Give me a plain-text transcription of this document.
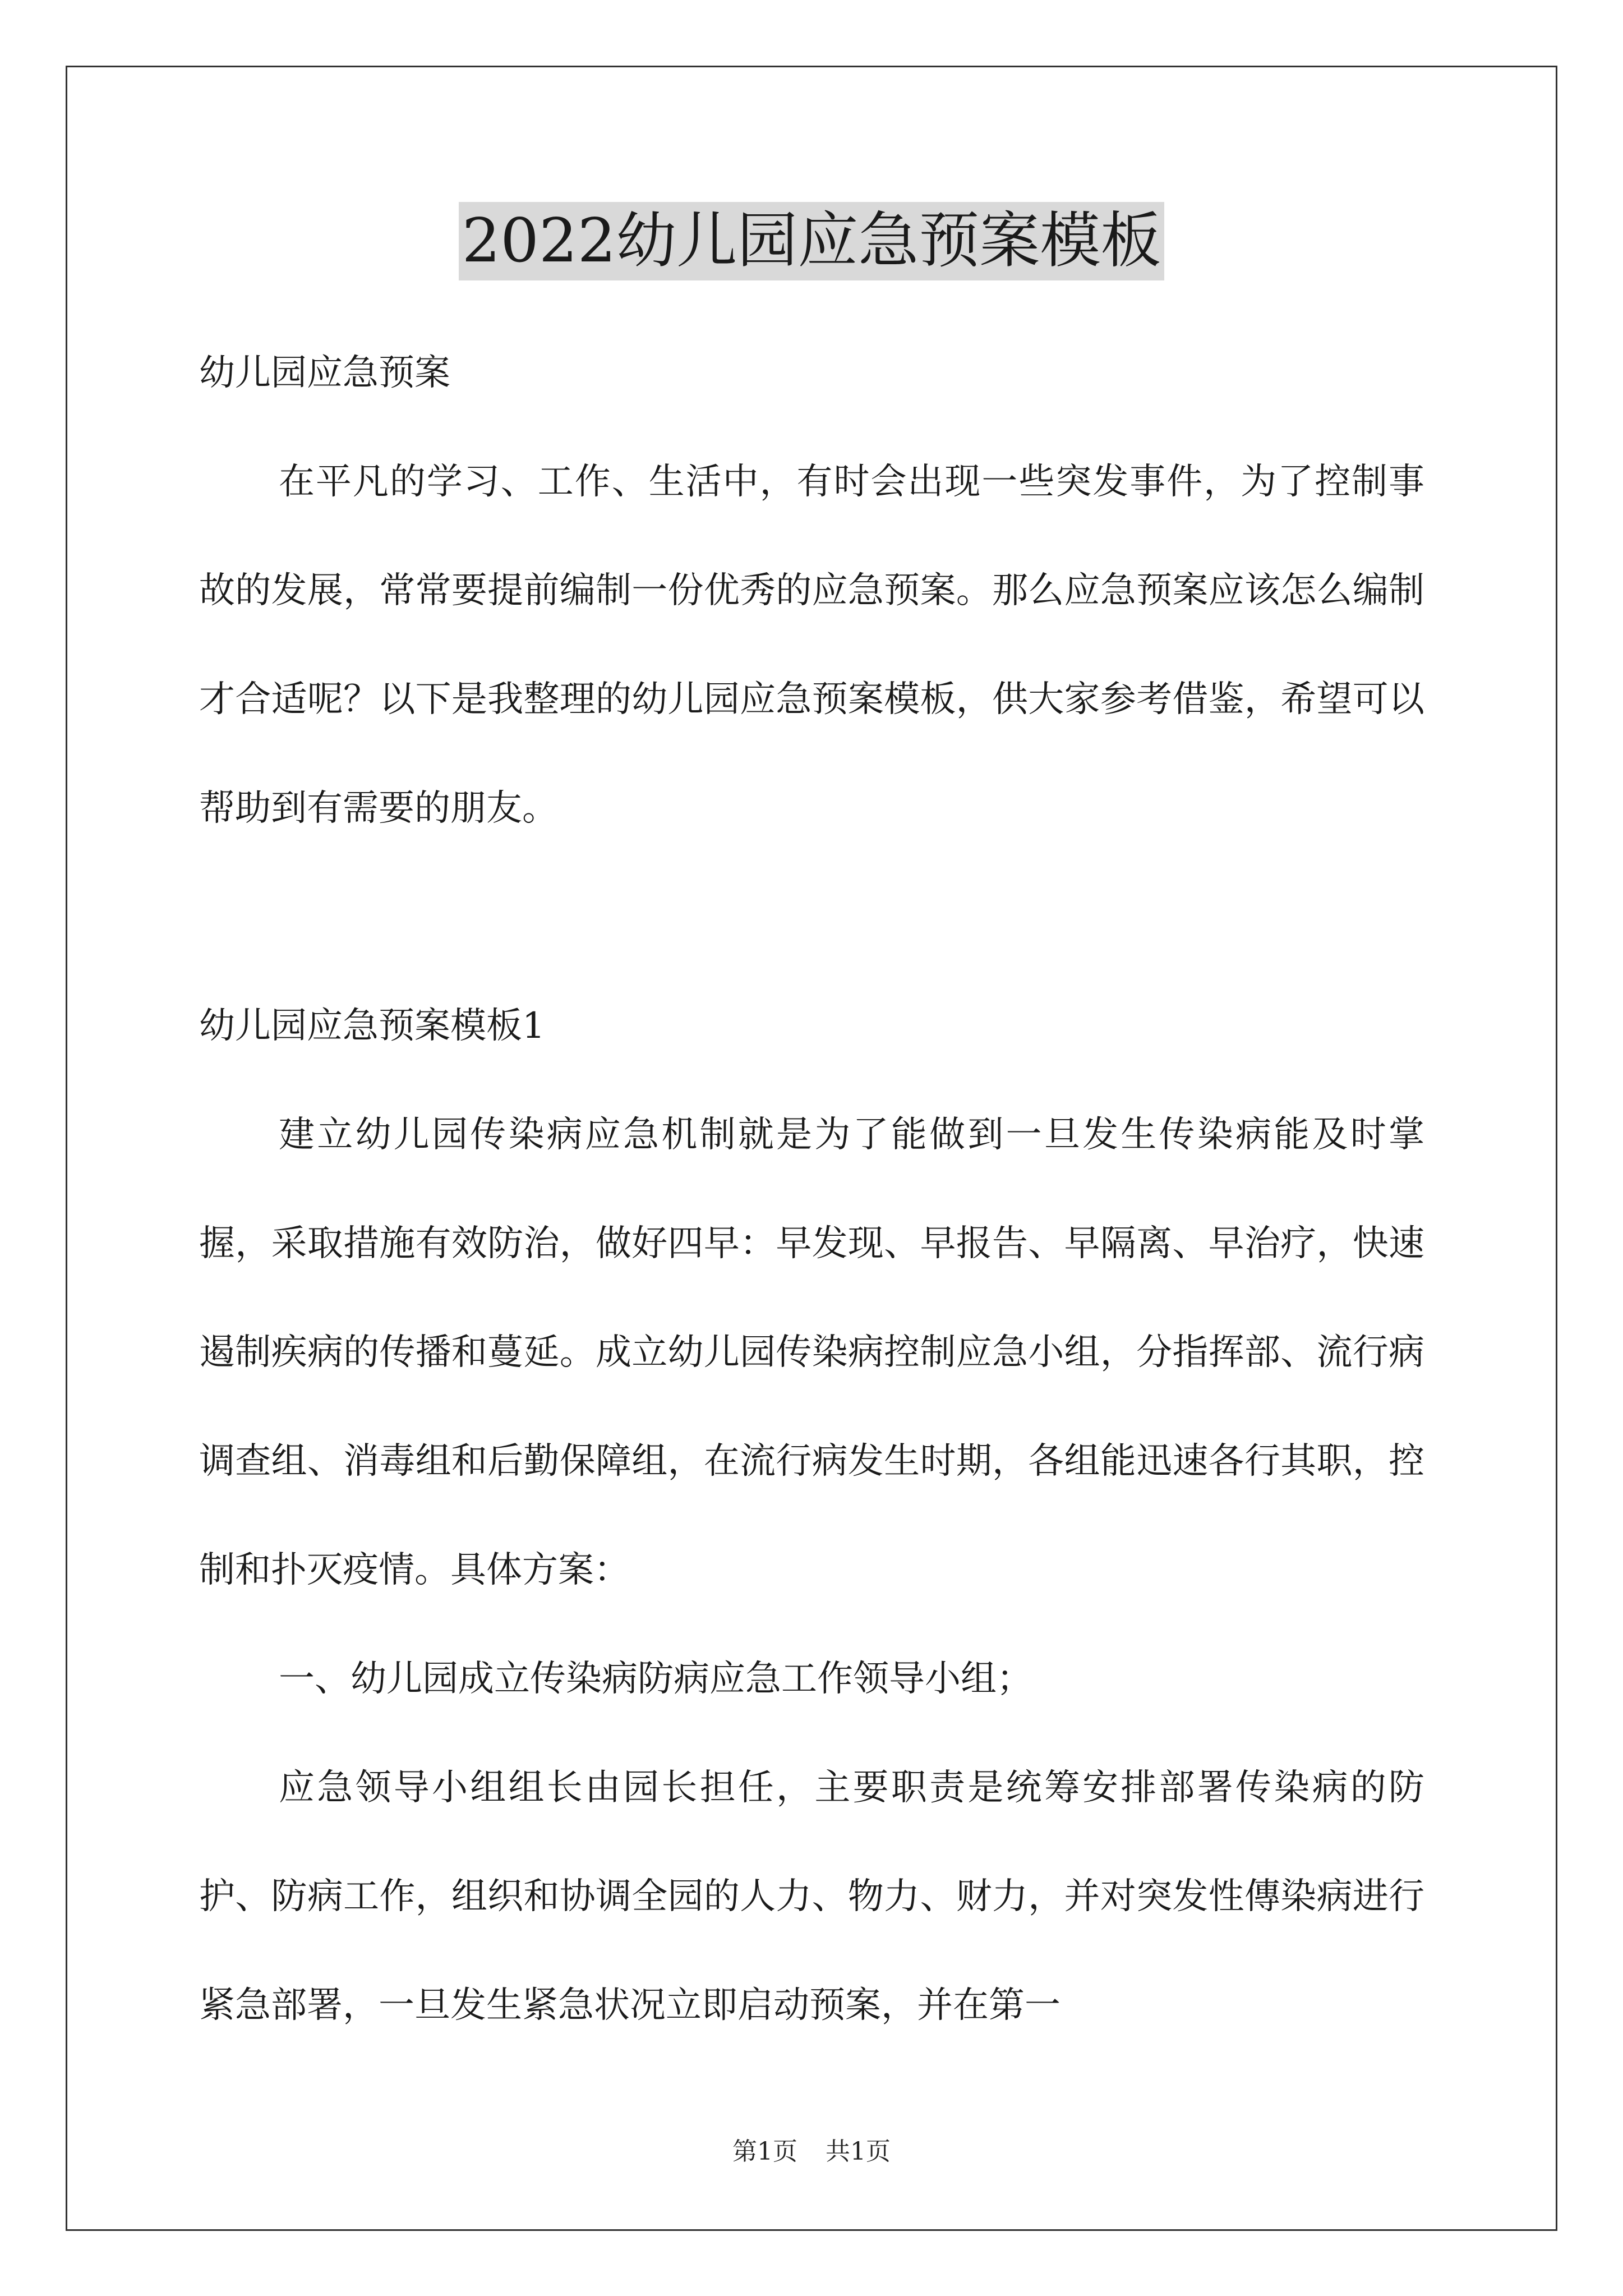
2022幼儿园应急预案模板

幼儿园应急预案

在平凡的学习、工作、生活中，有时会出现一些突发事件，为了控制事故的发展，常常要提前编制一份优秀的应急预案。那么应急预案应该怎么编制才合适呢？以下是我整理的幼儿园应急预案模板，供大家参考借鉴，希望可以帮助到有需要的朋友。

幼儿园应急预案模板1

建立幼儿园传染病应急机制就是为了能做到一旦发生传染病能及时掌握，采取措施有效防治，做好四早：早发现、早报告、早隔离、早治疗，快速遏制疾病的传播和蔓延。成立幼儿园传染病控制应急小组，分指挥部、流行病调查组、消毒组和后勤保障组，在流行病发生时期，各组能迅速各行其职，控制和扑灭疫情。具体方案：

一、幼儿园成立传染病防病应急工作领导小组；

应急领导小组组长由园长担任，主要职责是统筹安排部署传染病的防护、防病工作，组织和协调全园的人力、物力、财力，并对突发性傳染病进行紧急部署，一旦发生紧急状况立即启动预案，并在第一

第1页 共1页
